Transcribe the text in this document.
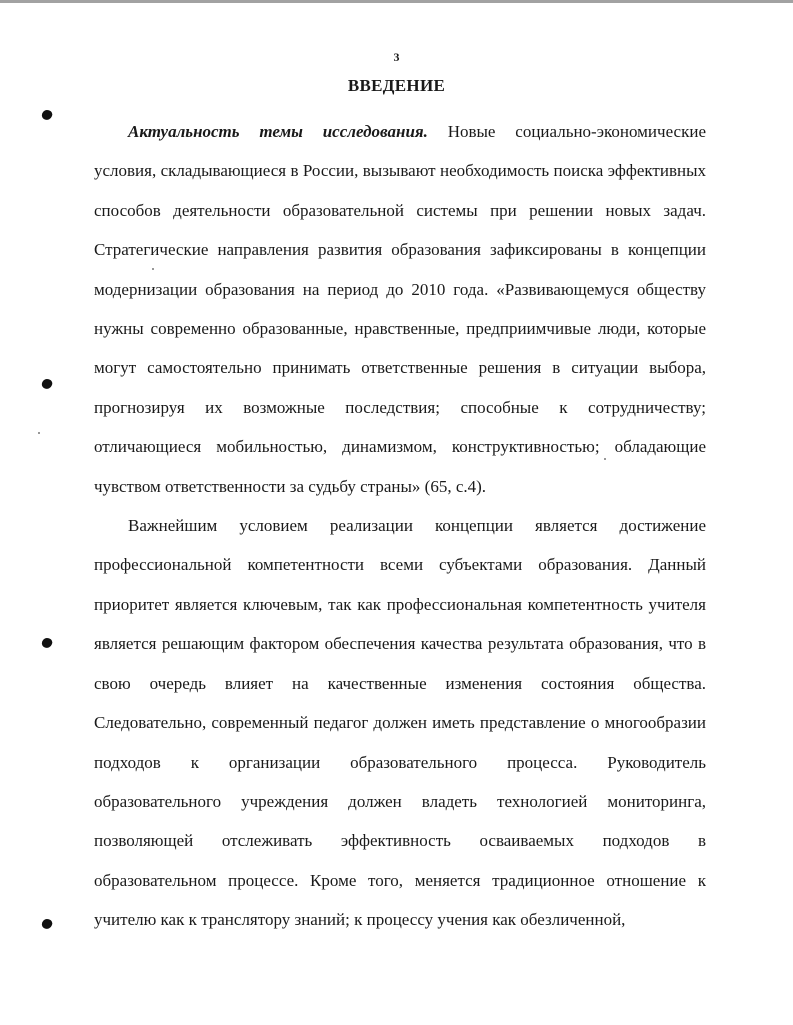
3
ВВЕДЕНИЕ

Актуальность темы исследования. Новые социально-экономические условия, складывающиеся в России, вызывают необходимость поиска эффективных способов деятельности образовательной системы при решении новых задач. Стратегические направления развития образования зафиксированы в концепции модернизации образования на период до 2010 года. «Развивающемуся обществу нужны современно образованные, нравственные, предприимчивые люди, которые могут самостоятельно принимать ответственные решения в ситуации выбора, прогнозируя их возможные последствия; способные к сотрудничеству; отличающиеся мобильностью, динамизмом, конструктивностью; обладающие чувством ответственности за судьбу страны» (65, с.4).

Важнейшим условием реализации концепции является достижение профессиональной компетентности всеми субъектами образования. Данный приоритет является ключевым, так как профессиональная компетентность учителя является решающим фактором обеспечения качества результата образования, что в свою очередь влияет на качественные изменения состояния общества. Следовательно, современный педагог должен иметь представление о многообразии подходов к организации образовательного процесса. Руководитель образовательного учреждения должен владеть технологией мониторинга, позволяющей отслеживать эффективность осваиваемых подходов в образовательном процессе. Кроме того, меняется традиционное отношение к учителю как к транслятору знаний; к процессу учения как обезличенной,
